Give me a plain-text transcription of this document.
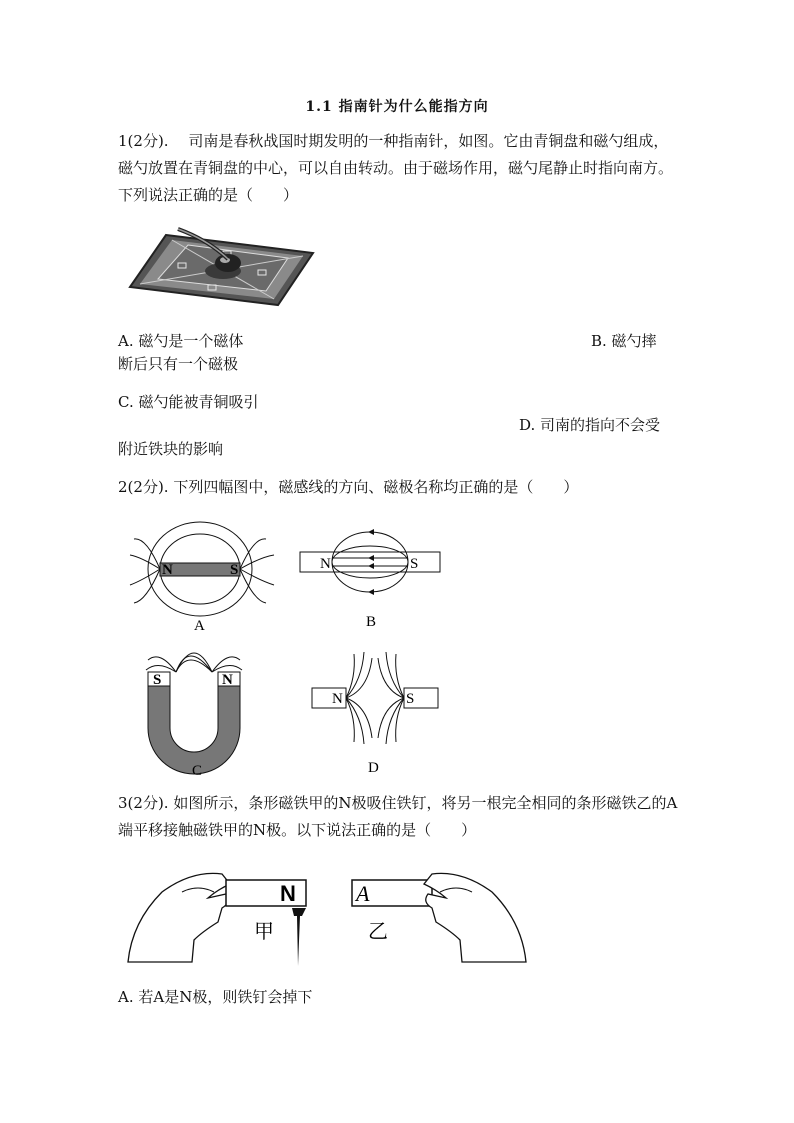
1.1 指南针为什么能指方向

1(2分).　 司南是春秋战国时期发明的一种指南针，如图。它由青铜盘和磁勺组成，磁勺放置在青铜盘的中心，可以自由转动。由于磁场作用，磁勺尾静止时指向南方。下列说法正确的是（　　）

A. 磁勺是一个磁体	B. 磁勺摔
断后只有一个磁极
C. 磁勺能被青铜吸引
D. 司南的指向不会受
附近铁块的影响
2(2分). 下列四幅图中，磁感线的方向、磁极名称均正确的是（　　）
N	S
A
N	S
B
S	N
C
N	S
D

3(2分). 如图所示，条形磁铁甲的N极吸住铁钉，将另一根完全相同的条形磁铁乙的A端平移接触磁铁甲的N极。以下说法正确的是（　　）

N
甲
A
乙
A. 若A是N极，则铁钉会掉下
